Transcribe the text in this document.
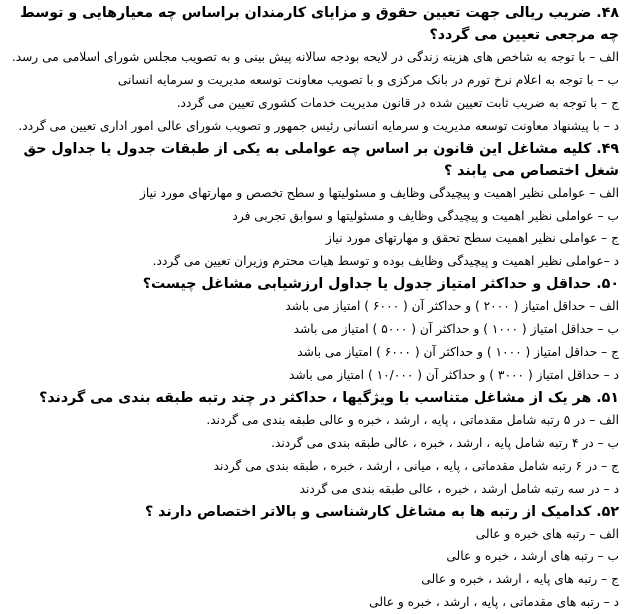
۴۸. ضریب ریالی جهت تعیین حقوق و مزایای کارمندان براساس چه معیارهایی و توسط چه مرجعی تعیین می گردد؟

الف – با توجه به شاخص های هزینه زندگی در لایحه بودجه سالانه پیش بینی و به تصویب مجلس شورای اسلامی می رسد.

ب – با توجه به اعلام نرخ تورم در بانک مرکزی و با تصویب معاونت توسعه مدیریت و سرمایه انسانی

ج – با توجه به ضریب ثابت تعیین شده در قانون مدیریت خدمات کشوری تعیین می گردد.

د – با پیشنهاد معاونت توسعه مدیریت و سرمایه انسانی رئیس جمهور و تصویب شورای عالی امور اداری تعیین می گردد.

۴۹. کلیه مشاغل این قانون بر اساس چه عواملی به یکی از طبقات جدول یا جداول حق شغل اختصاص می یابند ؟

الف – عواملی نظیر اهمیت و پیچیدگی وظایف و مسئولیتها و سطح تخصص و مهارتهای مورد نیاز

ب – عواملی نظیر اهمیت و پیچیدگی وظایف و مسئولیتها و سوابق تجربی فرد

ج – عواملی نظیر اهمیت سطح تحقق و مهارتهای مورد نیاز

د –عواملی نظیر اهمیت و پیچیدگی وظایف بوده و توسط هیات محترم وزیران تعیین می گردد.

۵۰. حداقل و حداکثر امتیاز جدول یا جداول ارزشیابی مشاغل چیست؟

الف – حداقل امتیاز ( ۲۰۰۰ ) و حداکثر آن ( ۶۰۰۰ ) امتیاز می باشد

ب – حداقل امتیاز ( ۱۰۰۰ ) و حداکثر آن ( ۵۰۰۰ ) امتیاز می باشد

ج – حداقل امتیاز ( ۱۰۰۰ ) و حداکثر آن ( ۶۰۰۰ ) امتیاز می باشد

د – حداقل امتیاز ( ۳۰۰۰ ) و حداکثر آن ( ۱۰/۰۰۰ ) امتیاز می باشد

۵۱. هر یک از مشاغل متناسب با ویژگیها ، حداکثر در چند رتبه طبقه بندی می گردند؟

الف – در ۵ رتبه شامل مقدماتی ، پایه ، ارشد ، خبره و عالی طبقه بندی می گردند.

ب – در ۴ رتبه شامل پایه ، ارشد ، خبره ، عالی طبقه بندی می گردند.

ج – در ۶ رتبه شامل مقدماتی ، پایه ، میانی ، ارشد ، خبره ، طبقه بندی می گردند

د – در سه رتبه شامل ارشد ، خبره ، عالی طبقه بندی می گردند

۵۲. کدامیک از رتبه ها به مشاغل کارشناسی و بالاتر اختصاص دارند ؟

الف – رتبه های خبره و عالی

ب – رتبه های ارشد ، خبره و عالی

ج – رتبه های پایه ، ارشد ، خبره و عالی

د – رتبه های مقدماتی ، پایه ، ارشد ، خبره و عالی
